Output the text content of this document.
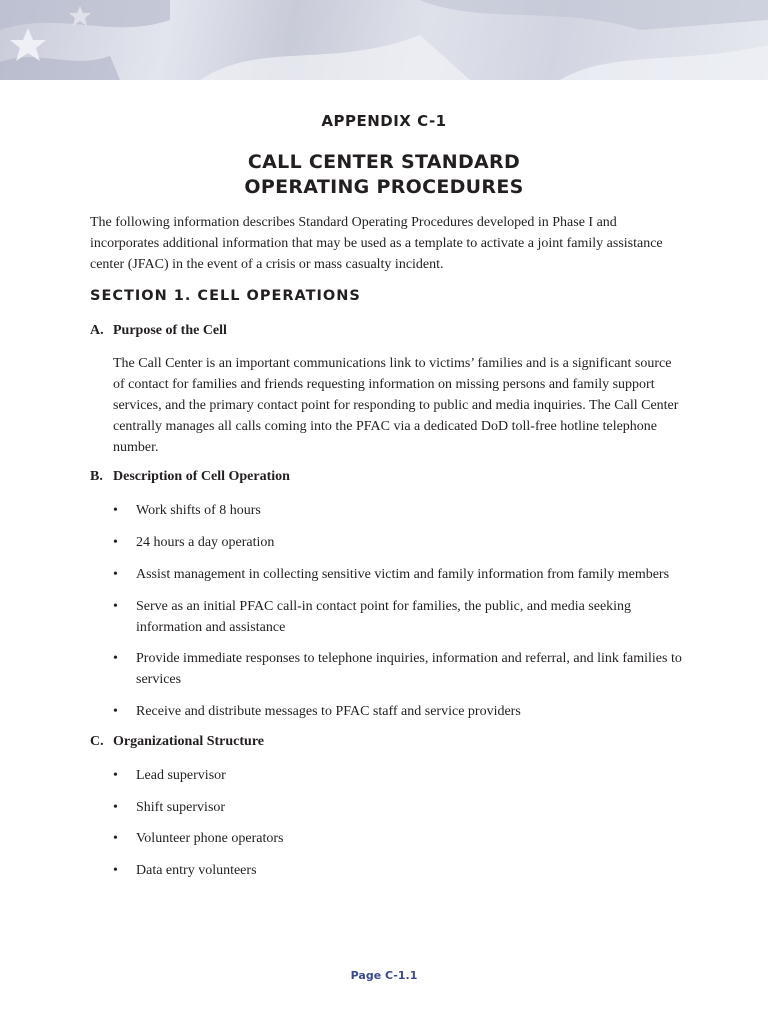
APPENDIX C-1
CALL CENTER STANDARD
OPERATING PROCEDURES
The following information describes Standard Operating Procedures developed in Phase I and incorporates additional information that may be used as a template to activate a joint family assistance center (JFAC) in the event of a crisis or mass casualty incident.
SECTION 1. CELL OPERATIONS
A. Purpose of the Cell
The Call Center is an important communications link to victims’ families and is a significant source of contact for families and friends requesting information on missing persons and family support services, and the primary contact point for responding to public and media inquiries. The Call Center centrally manages all calls coming into the PFAC via a dedicated DoD toll-free hotline telephone number.
B. Description of Cell Operation
• Work shifts of 8 hours
• 24 hours a day operation
• Assist management in collecting sensitive victim and family information from family members
• Serve as an initial PFAC call-in contact point for families, the public, and media seeking information and assistance
• Provide immediate responses to telephone inquiries, information and referral, and link families to services
• Receive and distribute messages to PFAC staff and service providers
C. Organizational Structure
• Lead supervisor
• Shift supervisor
• Volunteer phone operators
• Data entry volunteers
Page C-1.1
